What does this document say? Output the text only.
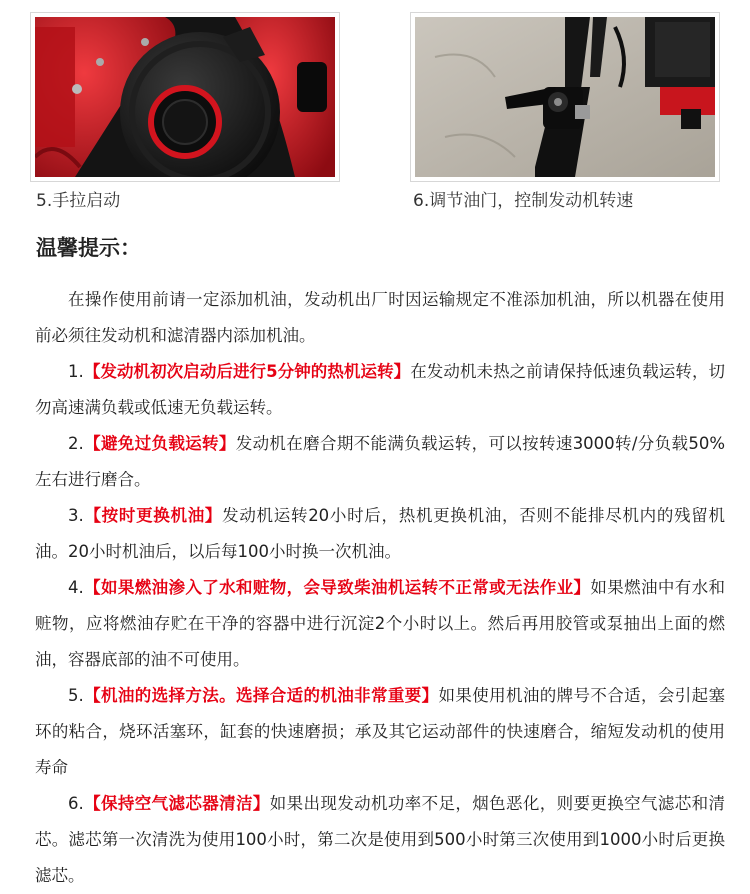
5.手拉启动	6.调节油门，控制发动机转速
温馨提示：

在操作使用前请一定添加机油，发动机出厂时因运输规定不准添加机油，所以机器在使用前必须往发动机和滤清器内添加机油。

1.【发动机初次启动后进行5分钟的热机运转】在发动机未热之前请保持低速负载运转，切勿高速满负载或低速无负载运转。

2.【避免过负载运转】发动机在磨合期不能满负载运转，可以按转速3000转/分负载50%左右进行磨合。

3.【按时更换机油】发动机运转20小时后，热机更换机油，否则不能排尽机内的残留机油。20小时机油后，以后每100小时换一次机油。

4.【如果燃油渗入了水和赃物，会导致柴油机运转不正常或无法作业】如果燃油中有水和赃物，应将燃油存贮在干净的容器中进行沉淀2个小时以上。然后再用胶管或泵抽出上面的燃油，容器底部的油不可使用。

5.【机油的选择方法。选择合适的机油非常重要】如果使用机油的牌号不合适，会引起塞环的粘合，烧环活塞环，缸套的快速磨损；承及其它运动部件的快速磨合，缩短发动机的使用寿命

6.【保持空气滤芯器清洁】如果出现发动机功率不足，烟色恶化，则要更换空气滤芯和清芯。滤芯第一次清洗为使用100小时，第二次是使用到500小时第三次使用到1000小时后更换滤芯。
